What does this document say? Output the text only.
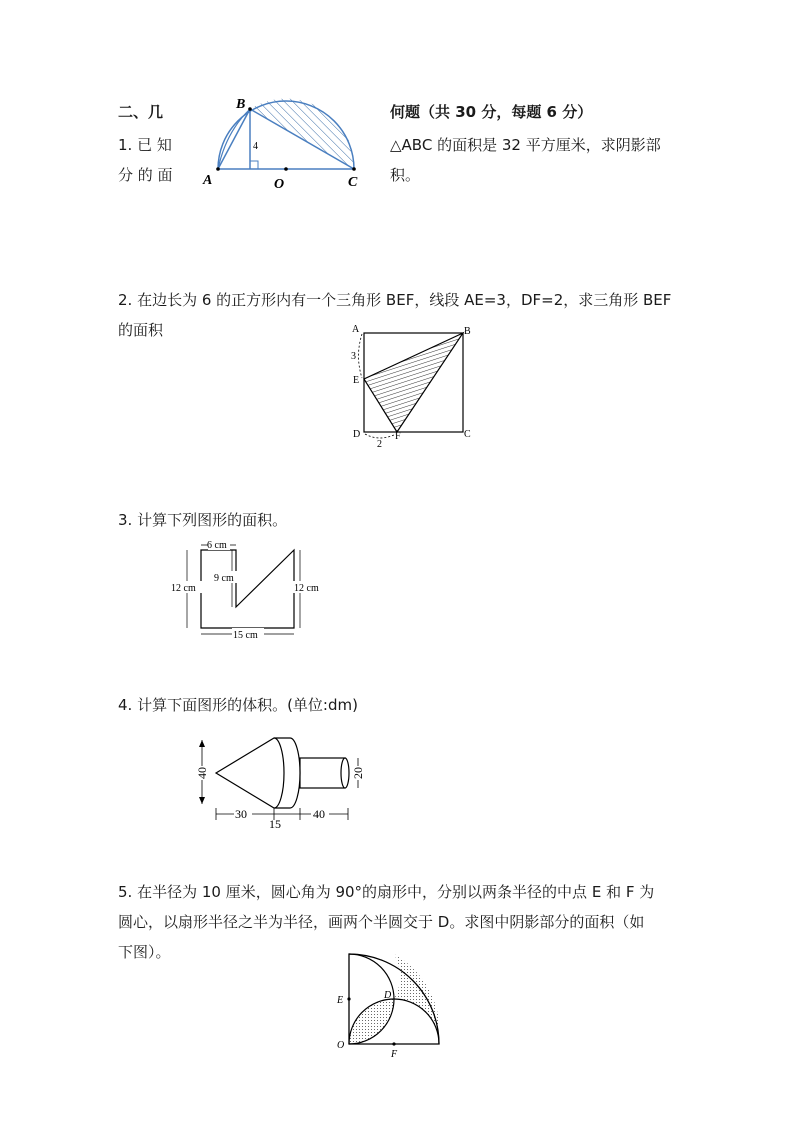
二、几	何题（共 30 分，每题 6 分）
1. 已 知	△ABC 的面积是 32 平方厘米，求阴影部
分 的 面	积。
B
A	O	C
4
2. 在边长为 6 的正方形内有一个三角形 BEF，线段 AE=3，DF=2，求三角形 BEF
的面积	A	B
C
D
E
F
3
2
3. 计算下列图形的面积。
6 cm
9 cm
12 cm	12 cm
15 cm
4. 计算下面图形的体积。(单位:dm)
40	20
30
15
40
5. 在半径为 10 厘米，圆心角为 90°的扇形中，分别以两条半径的中点 E 和 F 为
圆心，以扇形半径之半为半径，画两个半圆交于 D。求图中阴影部分的面积（如
下图）。
E
O
D
F
